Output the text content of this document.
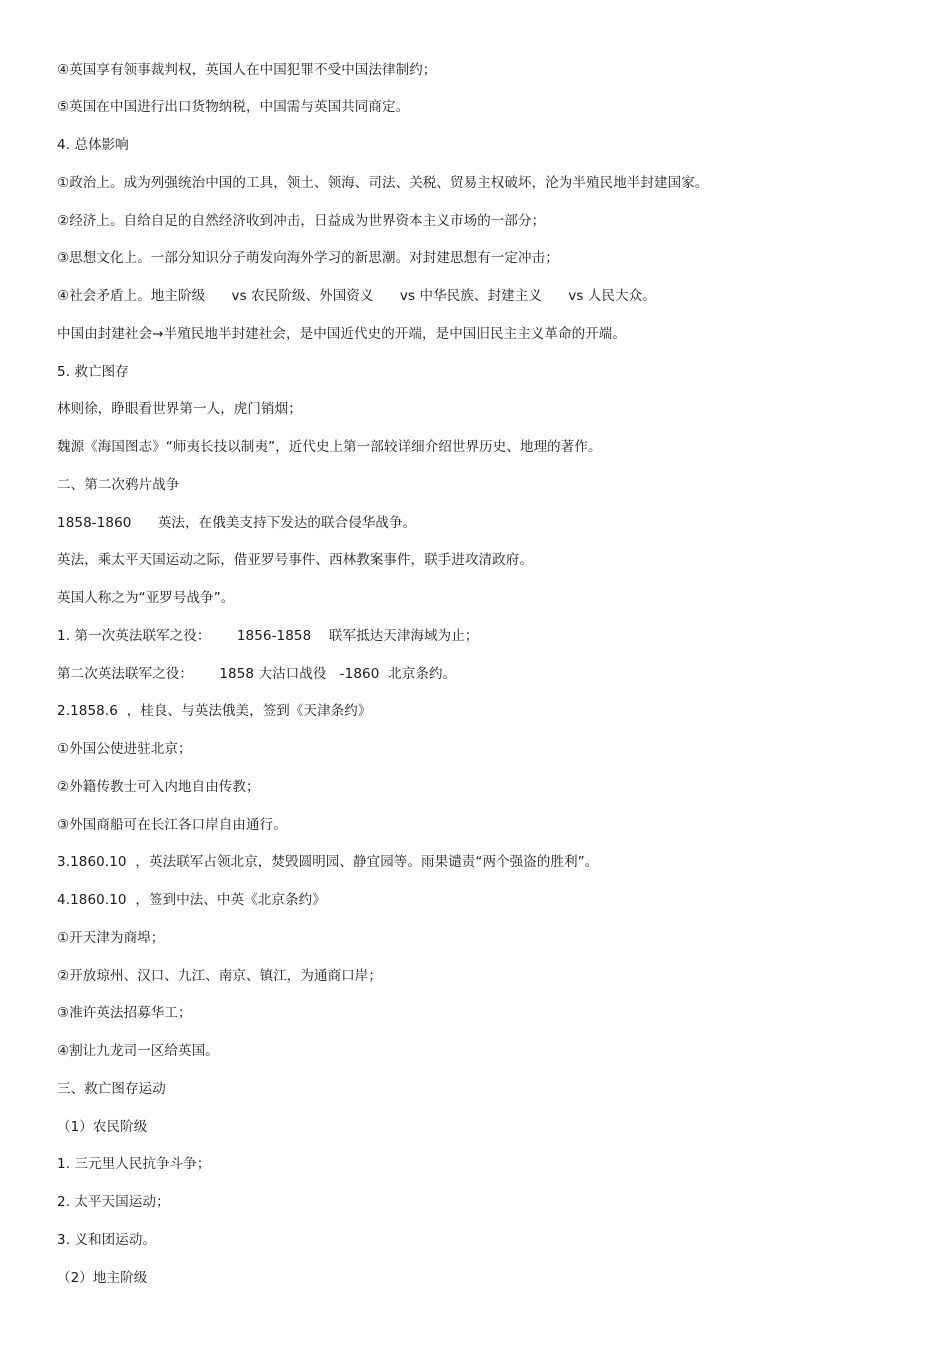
④英国享有领事裁判权，英国人在中国犯罪不受中国法律制约；
⑤英国在中国进行出口货物纳税，中国需与英国共同商定。
4. 总体影响
①政治上。成为列强统治中国的工具，领土、领海、司法、关税、贸易主权破坏，沦为半殖民地半封建国家。
②经济上。自给自足的自然经济收到冲击，日益成为世界资本主义市场的一部分；
③思想文化上。一部分知识分子萌发向海外学习的新思潮。对封建思想有一定冲击；
④社会矛盾上。地主阶级      vs 农民阶级、外国资义      vs 中华民族、封建主义      vs 人民大众。
中国由封建社会→半殖民地半封建社会，是中国近代史的开端，是中国旧民主主义革命的开端。
5. 救亡图存
林则徐，睁眼看世界第一人，虎门销烟；
魏源《海国图志》“师夷长技以制夷”，近代史上第一部较详细介绍世界历史、地理的著作。
二、第二次鸦片战争
1858-1860      英法，在俄美支持下发达的联合侵华战争。
英法，乘太平天国运动之际，借亚罗号事件、西林教案事件，联手进攻清政府。
英国人称之为“亚罗号战争”。
1. 第一次英法联军之役：      1856-1858    联军抵达天津海域为止；
第二次英法联军之役：      1858 大沽口战役   -1860  北京条约。
2.1858.6  ，桂良、与英法俄美，签到《天津条约》
①外国公使进驻北京；
②外籍传教士可入内地自由传教；
③外国商船可在长江各口岸自由通行。
3.1860.10  ，英法联军占领北京，焚毁圆明园、静宜园等。雨果谴责“两个强盗的胜利”。
4.1860.10  ，签到中法、中英《北京条约》
①开天津为商埠；
②开放琼州、汉口、九江、南京、镇江，为通商口岸；
③准许英法招募华工；
④割让九龙司一区给英国。
三、救亡图存运动
（1）农民阶级
1. 三元里人民抗争斗争；
2. 太平天国运动；
3. 义和团运动。
（2）地主阶级
